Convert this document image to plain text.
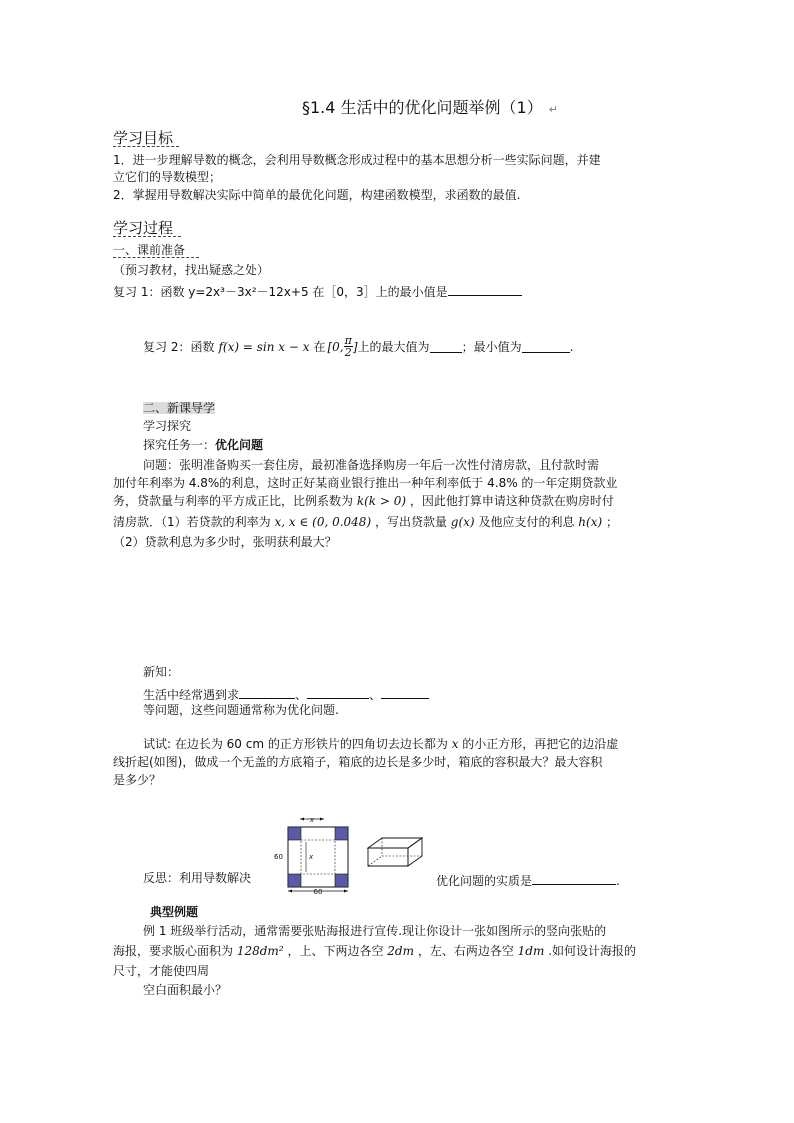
§1.4 生活中的优化问题举例（1） ↵
学习目标
1．进一步理解导数的概念，会利用导数概念形成过程中的基本思想分析一些实际问题，并建
立它们的导数模型；
2．掌握用导数解决实际中简单的最优化问题，构建函数模型，求函数的最值.
学习过程
一、课前准备
（预习教材，找出疑惑之处）
复习 1：函数 y=2x³－3x²－12x+5 在［0，3］上的最小值是
复习 2：函数 f(x) = sin x − x 在 [0, $\frac{\pi}{2}$ ] 上的最大值为	；最小值为	.
二、新课导学
学习探究
探究任务一：优化问题
问题：张明准备购买一套住房，最初准备选择购房一年后一次性付清房款，且付款时需
加付年利率为 4.8%的利息，这时正好某商业银行推出一种年利率低于 4.8% 的一年定期贷款业
务，贷款量与利率的平方成正比，比例系数为 k(k > 0) ，因此他打算申请这种贷款在购房时付
清房款．（1）若贷款的利率为 x, x ∈ (0, 0.048) ，写出贷款量 g(x) 及他应支付的利息 h(x) ；
（2）贷款利息为多少时，张明获利最大？
新知：
生活中经常遇到求	、	、
等问题，这些问题通常称为优化问题.
试试: 在边长为 60 cm 的正方形铁片的四角切去边长都为 x 的小正方形，再把它的边沿虚
线折起(如图)，做成一个无盖的方底箱子，箱底的边长是多少时，箱底的容积最大？最大容积
是多少？
x
x
60
60
反思：利用导数解决	优化问题的实质是	.
典型例题
例 1 班级举行活动，通常需要张贴海报进行宣传.现让你设计一张如图所示的竖向张贴的
海报，要求版心面积为 128dm² ，上、下两边各空 2dm ，左、右两边各空 1dm .如何设计海报的
尺寸，才能使四周
空白面积最小？
